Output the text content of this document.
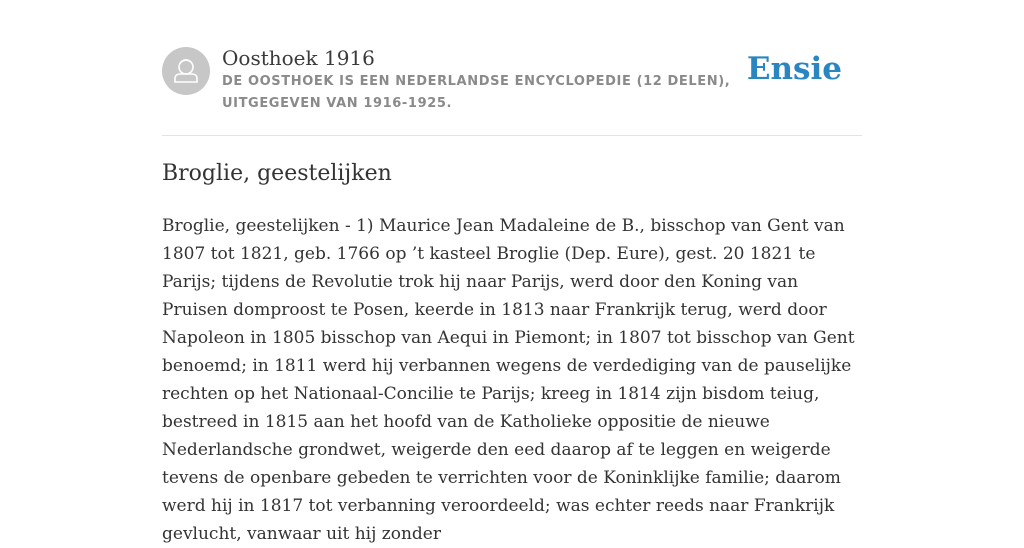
Oosthoek 1916
DE OOSTHOEK IS EEN NEDERLANDSE ENCYCLOPEDIE (12 DELEN), UITGEGEVEN VAN 1916-1925.
Ensie
Broglie, geestelijken

Broglie, geestelijken - 1) Maurice Jean Madaleine de B., bisschop van Gent van 1807 tot 1821, geb. 1766 op ’t kasteel Broglie (Dep. Eure), gest. 20 1821 te Parijs; tijdens de Revolutie trok hij naar Parijs, werd door den Koning van Pruisen domproost te Posen, keerde in 1813 naar Frankrijk terug, werd door Napoleon in 1805 bisschop van Aequi in Piemont; in 1807 tot bisschop van Gent benoemd; in 1811 werd hij verbannen wegens de verdediging van de pauselijke rechten op het Nationaal-Concilie te Parijs; kreeg in 1814 zijn bisdom teiug, bestreed in 1815 aan het hoofd van de Katholieke oppositie de nieuwe Nederlandsche grondwet, weigerde den eed daarop af te leggen en weigerde tevens de openbare gebeden te verrichten voor de Koninklijke familie; daarom werd hij in 1817 tot verbanning veroordeeld; was echter reeds naar Frankrijk gevlucht, vanwaar uit hij zonder
